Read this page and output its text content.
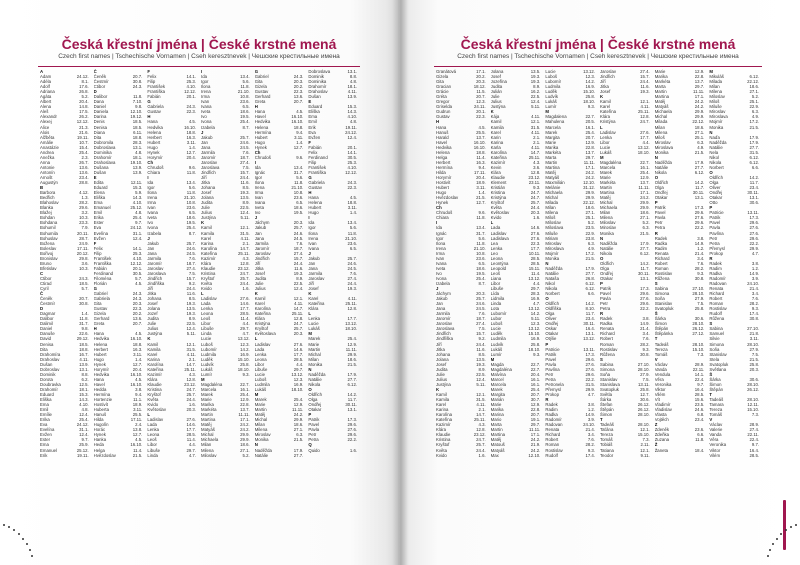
Česká křestní jména | České krstné mená
Czech first names | Tschechische Vornamen | Cseh keresztnevek | Чешские крестильные имена
A
Adam	24.12.
Adéla	8.1.
Adolf	17.6.
Adriana	26.8.
Agáta	5.2.
Albert	20.4.
Alena	14.8.
Aleš	17.5.
Alexandr	26.2.
Alexej	12.12.
Alice	21.3.
Alois	21.6.
Alžběta	19.11.
Amálie	10.7.
Anastázie	15.4.
Andrea	25.4.
Anežka	2.3.
Anna	26.7.
Antonie	13.6.
Antonín	13.6.
Arnošt	23.4.
Augustýn	28.8.
B
Barbora	4.12.
Bedřich	1.3.
Blahoslav	28.2.
Blanka	29.6.
Blažej	3.2.
Bohdan	10.3.
Bohdana	23.3.
Bohumil	7.9.
Bohumila	20.11.
Bohuslav	28.7.
Božena	24.9.
Boleslav	17.11.
Bořivoj	20.12.
Bronislav	29.8.
Bruno	3.6.
Břetislav	10.3.
C
Ctibor	24.3.
Ctirad	18.5.
Cyril	5.7.
Č
Čeněk	20.7.
Čestmír	30.8.
D
Dagmar	1.4.
Dalibor	11.8.
Dalimil	31.7.
Daniel	9.8.
Danuše	22.6.
David	29.12.
Denisa	18.5.
Dita	18.8.
Drahomíra	16.7.
Drahoslav	4.11.
Dušan	13.9.
Dobroslav	13.1.
Dominik	8.8.
Dorota	6.2.
Doubravka	12.5.
Drahomír	18.1.
Eduard	15.3.
Eliška	14.3.
Ema	4.10.
Emil	4.8.
Emílie	12.4.
Erika	25.4.
Eva	24.12.
Evelína	31.1.
Evžen	12.4.
Ester	9.7.
Ema	25.9.
Emanuel	25.12.
Erik	19.11.
Č
Čeněk	20.7.
Čestmír	30.8.
Ctibor	24.3.
D
Dalibor	11.8.
Dana	7.10.
Daniel	9.8.
Daniela	12.10.
Darina	19.12.
Denis	18.5.
Denisa	18.5.
Diana	6.11.
Dita	18.8.
Dobromila	28.3.
Dobroslava	13.1.
Dominika	4.8.
Drahomír	18.1.
Drahoslava	19.10.
Dušana	13.9.
Dušan	13.9.
E
Edita	12.11.
Eduard	15.3.
Elena	5.9.
Eliška	14.3.
Ema	4.10.
Emanuel	25.12.
Emil	4.8.
Erika	25.4.
Ester	9.7.
Eva	24.12.
Evelína	31.1.
Evžen	12.4.
F
Felix	14.1.
Filip	25.3.
František	4.10.
Františka	12.12.
Fabián	20.1.
Ferdinand	30.5.
Filoména	5.7.
Florián	4.5.
G
Gabriel	24.3.
Gabriela	24.3.
Gita	20.3.
Gustav	22.3.
Gizela	20.2.
Gerhard	13.6.
Greta	20.7.
H
Hana	4.5.
Hedvika	16.10.
Helena	18.8.
Herbert	16.3.
Hubert	3.11.
Hugo	1.4.
Hynek	12.7.
Horymír	20.4.
Hedvika	16.10.
Hana	4.5.
Havel	16.10.
Hedda	3.8.
Hermína	9.4.
Hortenzie	11.1.
Hostivít	18.9.
Huberta	3.11.
Hanuš	25.5.
Hilda	17.11.
Hugolín	2.4.
Horác	13.8.
Hynek	12.7.
Hanka	4.5.
Heda	16.10.
Helga	11.4.
Hvězdoslav	21.5.
F
Felix	14.1.
Filip	25.3.
František	4.10.
Františka	12.12.
Fabián	20.1.
G
Gabriela	24.3.
Gustav	22.3.
H
Hana	4.5.
Hedvika	16.10.
Helena	18.8.
Herbert	16.3.
Hubert	3.11.
Hugo	1.4.
Hynek	12.7.
Horymír	20.4.
Ch
Chrudoš	9.6.
Chiara	11.8.
I
Ida	13.4.
Igor	5.6.
Ilona	11.8.
Irena	21.10.
Irma	10.8.
Ivan	23.6.
Ivana	6.5.
Iveta	18.6.
Ivo	19.5.
Ivona	25.4.
Izabela	8.7.
J
Jakub	25.7.
Jan	24.6.
Jana	24.5.
Jarmila	7.6.
Jaromír	18.7.
Jaroslav	27.4.
Jaroslava	7.5.
Jindřich	15.7.
Jindřiška	9.2.
Jiří	24.4.
Jitka	11.6.
Johana	8.5.
Josef	19.3.
Jolana	13.5.
Jozef	19.3.
Judita	8.9.
Julie	22.5.
Julius	12.4.
Justýna	5.11.
K
Kamil	12.1.
Kamila	31.5.
Karel	4.11.
Karina	2.1.
Karolína	14.7.
Kateřina	25.11.
Kazimír	4.3.
Klára	12.8.
Klaudie	23.12.
Kristina	24.7.
Kryštof	25.7.
Květa	24.4.
Kvido	1.6.
Květoslav	20.3.
L
Ladislav	27.6.
Lada	14.6.
Lenka	17.7.
Leona	28.5.
Leoš	11.4.
Libor	4.4.
Libuše	29.7.
Linda	4.7.
I
Ida	13.4.
Igor	5.6.
Ilona	11.8.
Irena	21.10.
Irma	10.8.
Ivan	23.6.
Ivana	6.5.
Iveta	18.6.
Ivo	19.5.
Ivona	25.4.
Izabela	8.7.
J
Jakub	25.7.
Jan	24.6.
Jana	24.5.
Jarmila	7.6.
Jaromír	18.7.
Jaroslav	27.4.
Jaroslava	7.5.
Jindřich	15.7.
Jiří	24.4.
Jitka	11.6.
Johana	8.5.
Josef	19.3.
Jolana	13.5.
Judita	8.9.
Julie	22.5.
Julius	12.4.
Justýna	5.11.
K
Kamil	12.1.
Kamila	31.5.
Karel	4.11.
Karina	2.1.
Karolína	14.7.
Kateřina	25.11.
Kazimír	4.3.
Klára	12.8.
Klaudie	23.12.
Kristina	24.7.
Kryštof	25.7.
Květa	24.4.
Kvido	1.6.
L
Ladislav	27.6.
Lada	14.6.
Lenka	17.7.
Leona	28.5.
Leoš	11.4.
Libor	4.4.
Libuše	29.7.
Linda	4.7.
Lucie	13.12.
Luboš	12.3.
Lubomír	14.2.
Ludmila	16.9.
Luděk	15.10.
Ludvík	25.8.
Lukáš	18.10.
Lumír	9.3.
M
Magdaléna	22.7.
Marcela	16.1.
Marek	25.4.
Marie	12.9.
Marika	22.8.
Markéta	13.7.
Martin	11.11.
Martina	17.1.
Matěj	24.2.
Matyáš	24.2.
Michal	29.9.
Michaela	29.9.
Milan	18.6.
Milena	27.1.
Miloslav	5.2.
G
Gabriel	24.3.
Gita	20.3.
Gizela	20.2.
Gustav	22.3.
Gerhard	13.6.
Greta	20.7.
H
Hana	4.5.
Havel	16.10.
Hedvika	16.10.
Helena	18.8.
Hermína	9.4.
Hubert	3.11.
Hugo	1.4.
Hynek	12.7.
Ch
Chrudoš	9.6.
I
Ida	13.4.
Ignác	31.7.
Igor	5.6.
Ilona	11.8.
Irena	21.10.
Irma	10.8.
Ivan	23.6.
Ivana	6.5.
Iveta	18.6.
Ivo	19.5.
J
Jáchym	20.3.
Jakub	25.7.
Jan	24.6.
Jana	24.5.
Jarmila	7.6.
Jaromír	18.7.
Jaroslav	27.4.
Jindřich	15.7.
Jiří	24.4.
Jitka	11.6.
Josef	19.3.
Judita	8.9.
Julie	22.5.
Julius	12.4.
K
Kamil	12.1.
Karel	4.11.
Karolína	14.7.
Kateřina	25.11.
Klára	12.8.
Kristýna	24.7.
Kryštof	25.7.
Květoslava	20.3.
L
Ladislav	27.6.
Lada	14.6.
Lenka	17.7.
Leona	28.5.
Libor	4.4.
Libuše	29.7.
Lucie	13.12.
Luboš	12.3.
Ludmila	16.9.
Lukáš	18.10.
M
Marek	25.4.
Marie	12.9.
Martin	11.11.
Matěj	24.2.
Michal	29.9.
Milan	18.6.
Milena	27.1.
Miroslav	6.3.
Monika	21.5.
N
Naděžda	17.9.
Natálie	27.7.
Dobroslava	13.1.
Dominik	8.8.
Dominika	4.8.
Drahomír	18.1.
Drahoslav	4.11.
Dušan	13.9.
E
Eduard	15.3.
Eliška	14.3.
Ema	4.10.
Emil	4.8.
Erik	19.11.
Eva	24.12.
Evžen	12.4.
F
Fabián	20.1.
Felix	14.1.
Ferdinand	30.5.
Filip	25.3.
František	4.10.
Františka	12.12.
G
Gabriela	24.3.
Gustav	22.3.
H
Hana	4.5.
Helena	18.8.
Hubert	3.11.
Hugo	1.4.
I
Ida	13.4.
Igor	5.6.
Ilona	11.8.
Irena	21.10.
Ivan	23.6.
Ivana	6.5.
J
Jakub	25.7.
Jan	24.6.
Jana	24.5.
Jarmila	7.6.
Jaroslav	27.4.
Jiří	24.4.
Josef	19.3.
K
Karel	4.11.
Kateřina	25.11.
Klára	12.8.
L
Lenka	17.7.
Lucie	13.12.
Lukáš	18.10.
M
Marek	25.4.
Marie	12.9.
Martin	11.11.
Michal	29.9.
Milan	18.6.
Monika	21.5.
N
Naděžda	17.9.
Natálie	27.7.
Nikola	6.12.
O
Oldřich	14.2.
Olga	11.7.
Ondřej	30.11.
Otakar	13.1.
P
Patrik	17.3.
Pavel	29.6.
Pavla	27.6.
Petr	29.6.
Petra	22.2.
Q
Quido	1.6.
Česká křestní jména | České krstné mená
Czech first names | Tschechische Vornamen | Cseh keresztnevek | Чешские крестильные имена
Granátová	17.1.
Gizela	20.2.
Gita	20.3.
Gracian	18.12.
Grácie	11.5.
Gréta	20.7.
Gregor	12.3.
Griselda	24.11.
Gudrun	20.1.
Gustav	22.3.
H
Hana	4.5.
Hanuš	25.5.
Harald	13.7.
Havel	16.10.
Hedvika	16.10.
Helena	18.8.
Helga	11.4.
Herbert	16.3.
Hermína	9.4.
Hilda	17.11.
Horymír	20.4.
Hostivít	18.9.
Hubert	3.11.
Hugo	1.4.
Hvězdoslav	21.5.
Hynek	12.7.
Ch
Chrudoš	9.6.
Chiara	11.8.
I
Ida	13.4.
Ignác	31.7.
Igor	5.6.
Ilona	11.8.
Irena	21.10.
Irma	10.8.
Ivan	23.6.
Ivana	6.5.
Iveta	18.6.
Ivo	19.5.
Ivona	25.4.
Izabela	8.7.
J
Jáchym	20.3.
Jakub	25.7.
Jan	24.6.
Jana	24.5.
Jarmila	7.6.
Jaromír	18.7.
Jaroslav	27.4.
Jaroslava	7.5.
Jindřich	15.7.
Jindřiška	9.2.
Jiří	24.4.
Jitka	11.6.
Johana	8.5.
Jolana	13.5.
Josef	19.3.
Judita	8.9.
Julie	22.5.
Julius	12.4.
Justýna	5.11.
K
Kamil	12.1.
Kamila	31.5.
Karel	4.11.
Karina	2.1.
Karolína	14.7.
Kateřina	25.11.
Kazimír	4.3.
Klára	12.8.
Klaudie	23.12.
Kristina	24.7.
Kryštof	25.7.
Květa	24.4.
Kvido	1.6.
Jolana	13.5.
Josef	19.3.
Jozefína	19.3.
Judita	8.9.
Julián	16.2.
Julie	22.5.
Julius	12.4.
Justýna	5.11.
K
Kája	4.11.
Kamil	12.1.
Kamila	31.5.
Karel	4.11.
Karin	2.1.
Karina	2.1.
Karla	4.11.
Karolína	14.7.
Kateřina	25.11.
Kazimír	4.3.
Kevin	3.6.
Klára	12.8.
Klaudie	23.12.
Klement	23.11.
Kristián	9.3.
Kristina	24.7.
Kristýna	24.7.
Kryštof	25.7.
Květa	24.4.
Květoslav	20.3.
Kvido	1.6.
L
Lada	14.6.
Ladislav	27.6.
Ladislava	27.6.
Lea	22.3.
Lenka	17.7.
Leo	10.11.
Leona	28.5.
Leontýna	28.5.
Leopold	15.11.
Leoš	11.4.
Liana	13.12.
Libor	4.4.
Libuše	29.7.
Lída	28.3.
Lidmila	16.9.
Linda	4.7.
Lota	13.12.
Lubomír	14.2.
Lubor	5.11.
Luboš	12.3.
Lucie	13.12.
Luděk	15.10.
Ludmila	16.9.
Ludvík	25.8.
Lukáš	18.10.
Lumír	9.3.
M
Magda	22.7.
Magdaléna	22.7.
Malvína	20.4.
Marcel	16.1.
Marcela	16.1.
Marek	25.4.
Margita	20.7.
Marián	30.7.
Marie	12.9.
Marika	22.8.
Marina	20.7.
Mario	19.1.
Marta	29.7.
Martin	11.11.
Martina	17.1.
Matěj	24.2.
Matouš	21.9.
Matyáš	24.2.
Max	12.10.
Lucie	13.12.
Luboš	12.3.
Lubomír	14.2.
Ludmila	16.9.
Luděk	15.10.
Ludvík	25.8.
Lukáš	18.10.
Lumír	9.3.
M
Magdalena	22.7.
Mahulena	20.5.
Marcela	16.1.
Marek	25.4.
Margita	20.7.
Marie	12.9.
Marika	22.8.
Markéta	13.7.
Marta	29.7.
Martin	11.11.
Martina	17.1.
Matěj	24.2.
Matyáš	24.2.
Maxmilián	12.10.
Melánie	31.12.
Michaela	29.9.
Michal	29.9.
Milada	22.12.
Milan	18.6.
Milena	27.1.
Miloš	25.1.
Miloslav	5.2.
Miloslava	23.5.
Miluše	22.9.
Miriam	23.8.
Miroslav	6.3.
Miroslava	4.9.
Mojmír	17.2.
Monika	21.5.
N
Naděžda	17.9.
Natálie	27.7.
Nataša	26.8.
Nikol	6.12.
Nikola	6.12.
Norbert	6.6.
O
Oldřich	14.2.
Oldřiška	8.10.
Olga	11.7.
Oliver	23.4.
Ondřej	30.11.
Oskar	16.4.
Otakar	13.1.
Otýlie	13.12.
P
Patricie	13.11.
Patrik	17.3.
Pavel	29.6.
Pavla	27.6.
Pavlína	27.6.
Petr	29.6.
Petra	22.2.
Petronela	31.5.
Přemysl	29.9.
Prokop	4.7.
R
Radek	3.8.
Radim	1.2.
Radka	14.9.
Radomír	3.9.
Radovan	24.10.
Renata	21.4.
Richard	3.4.
Robert	7.6.
Roman	28.2.
Rostislav	9.3.
Rudolf	17.4.
Jaroslav	27.4.
Jindřich	15.7.
Jiří	24.4.
Jitka	11.6.
Josef	19.3.
K
Kamil	12.1.
Karel	4.11.
Kateřina	25.11.
Klára	12.8.
Kristýna	24.7.
L
Ladislav	27.6.
Lenka	17.7.
Libor	4.4.
Lucie	13.12.
Lukáš	18.10.
M
Magdaléna	22.7.
Marcela	16.1.
Marek	25.4.
Marie	12.9.
Markéta	13.7.
Martin	11.11.
Martina	17.1.
Matěj	24.2.
Michal	29.9.
Michaela	29.9.
Milan	18.6.
Milena	27.1.
Miloslav	5.2.
Miroslav	6.3.
Monika	21.5.
N
Naděžda	17.9.
Natálie	27.7.
Nikola	6.12.
O
Oldřich	14.2.
Olga	11.7.
Ondřej	30.11.
Otakar	13.1.
P
Patrik	17.3.
Pavel	29.6.
Pavla	27.6.
Petr	29.6.
Petra	22.2.
R
Radek	3.8.
Radka	14.9.
Renata	21.4.
Richard	3.4.
Robert	7.6.
Roman	28.2.
Rostislav	9.3.
Růžena	30.8.
S
Sabina	27.10.
Simona	28.10.
Soňa	27.9.
Stanislav	7.5.
Stanislava	13.11.
Svatopluk	25.8.
Světla	12.7.
Šárka	30.6.
Štefan	26.12.
Štěpán	26.12.
Šimon	28.10.
T
Tadeáš	28.10.
Taťána	12.1.
Tereza	15.10.
Tomáš	7.3.
Tobiáš	2.11.
Tatiana	12.1.
Teodor	9.11.
Marie	12.9.
Marika	22.8.
Markéta	13.7.
Marta	29.7.
Martin	11.11.
Martina	17.1.
Matěj	24.2.
Matyáš	24.2.
Michaela	29.9.
Michal	29.9.
Milada	22.12.
Milan	18.6.
Milena	27.1.
Miloš	25.1.
Miroslav	6.3.
Miroslava	4.9.
Monika	21.5.
N
Naděžda	17.9.
Natálie	27.7.
Nikola	6.12.
O
Oldřich	14.2.
Olga	11.7.
Ondřej	30.11.
Otakar	13.1.
P
Patrik	17.3.
Pavel	29.6.
Pavla	27.6.
Petr	29.6.
Petra	22.2.
R
Radek	3.8.
Radka	14.9.
Radim	1.2.
Renata	21.4.
Richard	3.4.
Robert	7.6.
Roman	28.2.
Rostislav	9.3.
Růžena	30.8.
S
Sabina	27.10.
Simona	28.10.
Soňa	27.9.
Stanislav	7.5.
Svatopluk	25.8.
Š
Šárka	30.6.
Šimon	28.10.
Štěpán	26.12.
Štěpánka	27.12.
T
Tadeáš	28.10.
Tereza	15.10.
Tomáš	7.3.
V
Václav	28.9.
Vanda	22.11.
Vendula	14.1.
Věra	22.4.
Veronika	9.7.
Viktor	16.4.
Vilém	28.5.
Vít	15.6.
Vladimír	23.5.
Vladislav	24.6.
Vlasta	6.8.
Vojtěch	23.4.
Z
Zdeněk	23.6.
Zdeňka	6.6.
Zuzana	11.8.
Ž
Žaneta	18.4.
M
Mikuláš	6.12.
Milada	22.12.
Milan	18.6.
Milena	27.1.
Miloslav	5.2.
Miloš	25.1.
Miluše	22.9.
Miroslav	6.3.
Miroslava	4.9.
Mojmír	17.2.
Monika	21.5.
N
Naďa	17.9.
Naděžda	17.9.
Natálie	27.7.
Nela	31.5.
Nikol	6.12.
Nikola	6.12.
Norbert	6.6.
O
Oldřich	14.2.
Olga	11.7.
Oliver	23.4.
Ondřej	30.11.
Otakar	13.1.
Otto	30.6.
P
Patricie	13.11.
Patrik	17.3.
Pavel	29.6.
Pavla	27.6.
Pavlína	27.6.
Petr	29.6.
Petra	22.2.
Přemysl	29.9.
Prokop	4.7.
R
Radek	3.8.
Radim	1.2.
Radka	14.9.
Radomír	3.9.
Radovan	24.10.
Renata	21.4.
Richard	3.4.
Robert	7.6.
Roman	28.2.
Rostislav	9.3.
Rudolf	17.4.
Růžena	30.8.
S
Sabina	27.10.
Samuel	21.8.
Silvie	3.11.
Simona	28.10.
Soňa	27.9.
Stanislav	7.5.
Stela	21.5.
Svatopluk	25.8.
Světlana	20.3.
Š
Šárka	30.6.
Šimon	28.10.
Štěpán	26.12.
T
Tadeáš	28.10.
Tamara	12.11.
Tereza	15.10.
Tomáš	7.3.
V
Václav	28.9.
Valerie	27.4.
Vanda	22.11.
Věra	22.4.
Veronika	9.7.
Viktor	16.4.
Vilém	28.5.
